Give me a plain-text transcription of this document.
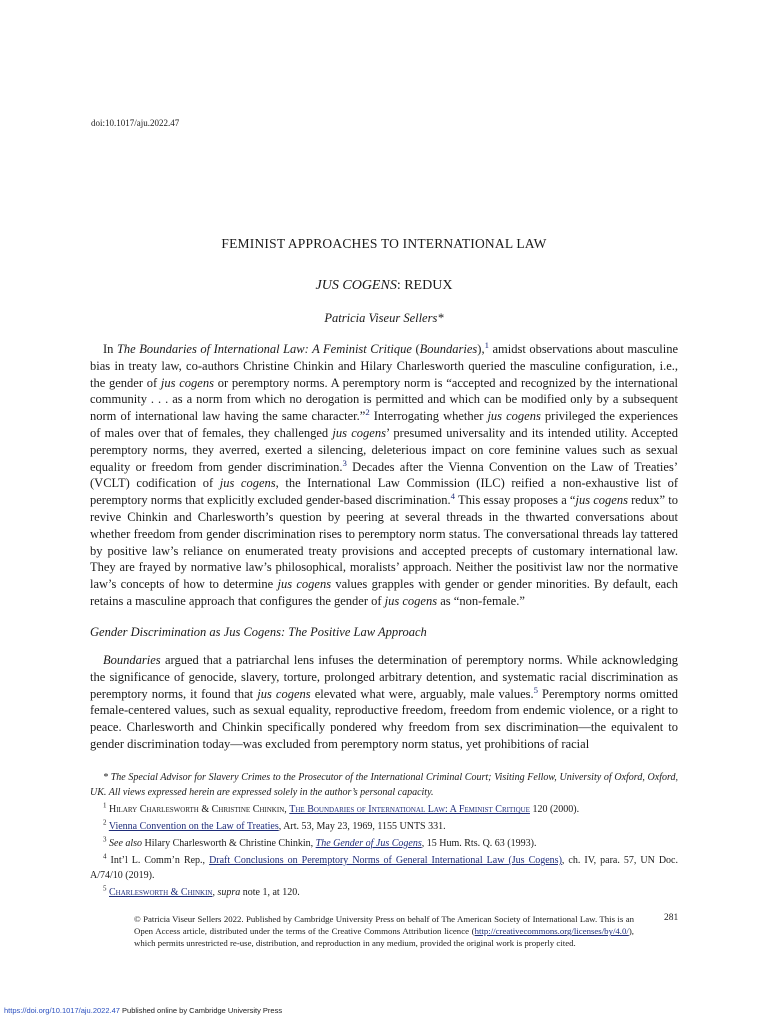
doi:10.1017/aju.2022.47
FEMINIST APPROACHES TO INTERNATIONAL LAW
JUS COGENS: REDUX
Patricia Viseur Sellers*

In The Boundaries of International Law: A Feminist Critique (Boundaries),$^1$ amidst observations about masculine bias in treaty law, co-authors Christine Chinkin and Hilary Charlesworth queried the masculine configuration, i.e., the gender of jus cogens or peremptory norms. A peremptory norm is “accepted and recognized by the international community . . . as a norm from which no derogation is permitted and which can be modified only by a subsequent norm of international law having the same character.”$^2$ Interrogating whether jus cogens privileged the experiences of males over that of females, they challenged jus cogens’ presumed universality and its intended utility. Accepted peremptory norms, they averred, exerted a silencing, deleterious impact on core feminine values such as sexual equality or freedom from gender discrimination.$^3$ Decades after the Vienna Convention on the Law of Treaties’ (VCLT) codification of jus cogens, the International Law Commission (ILC) reified a non-exhaustive list of peremptory norms that explicitly excluded gender-based discrimination.$^4$ This essay proposes a “jus cogens redux” to revive Chinkin and Charlesworth’s question by peering at several threads in the thwarted conversations about whether freedom from gender discrimination rises to peremptory norm status. The conversational threads lay tattered by positive law’s reliance on enumerated treaty provisions and accepted precepts of customary international law. They are frayed by normative law’s philosophical, moralists’ approach. Neither the positivist law nor the normative law’s concepts of how to determine jus cogens values grapples with gender or gender minorities. By default, each retains a masculine approach that configures the gender of jus cogens as “non-female.”

Gender Discrimination as Jus Cogens: The Positive Law Approach

Boundaries argued that a patriarchal lens infuses the determination of peremptory norms. While acknowledging the significance of genocide, slavery, torture, prolonged arbitrary detention, and systematic racial discrimination as peremptory norms, it found that jus cogens elevated what were, arguably, male values.$^5$ Peremptory norms omitted female-centered values, such as sexual equality, reproductive freedom, freedom from endemic violence, or a right to peace. Charlesworth and Chinkin specifically pondered why freedom from sex discrimination—the equivalent to gender discrimination today—was excluded from peremptory norm status, yet prohibitions of racial

* The Special Advisor for Slavery Crimes to the Prosecutor of the International Criminal Court; Visiting Fellow, University of Oxford, Oxford, UK. All views expressed herein are expressed solely in the author’s personal capacity.

$^1$ Hilary Charlesworth & Christine Chinkin, The Boundaries of International Law: A Feminist Critique 120 (2000).

$^2$ Vienna Convention on the Law of Treaties, Art. 53, May 23, 1969, 1155 UNTS 331.

$^3$ See also Hilary Charlesworth & Christine Chinkin, The Gender of Jus Cogens, 15 Hum. Rts. Q. 63 (1993).

$^4$ Int’l L. Comm’n Rep., Draft Conclusions on Peremptory Norms of General International Law (Jus Cogens), ch. IV, para. 57, UN Doc. A/74/10 (2019).

$^5$ Charlesworth & Chinkin, supra note 1, at 120.

© Patricia Viseur Sellers 2022. Published by Cambridge University Press on behalf of The American Society of International Law. This is an Open Access article, distributed under the terms of the Creative Commons Attribution licence (http://creativecommons.org/licenses/by/4.0/), which permits unrestricted re-use, distribution, and reproduction in any medium, provided the original work is properly cited.
281
https://doi.org/10.1017/aju.2022.47 Published online by Cambridge University Press
